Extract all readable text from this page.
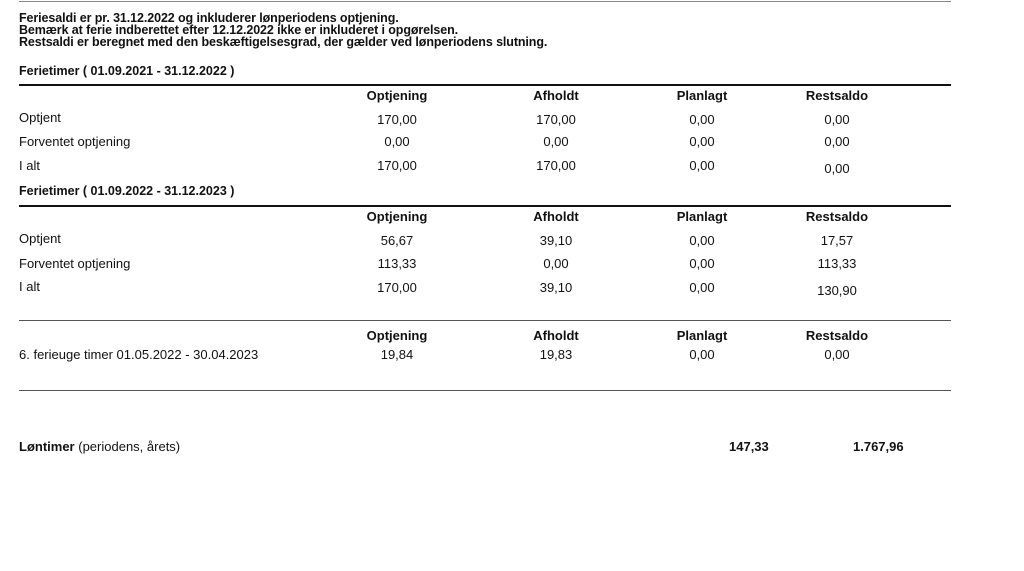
Feriesaldi er pr. 31.12.2022 og inkluderer lønperiodens optjening.
Bemærk at ferie indberettet efter 12.12.2022 ikke er inkluderet i opgørelsen.
Restsaldi er beregnet med den beskæftigelsesgrad, der gælder ved lønperiodens slutning.
Ferietimer ( 01.09.2021 - 31.12.2022 )
Optjening	Afholdt	Planlagt	Restsaldo
Optjent	170,00	170,00	0,00	0,00
Forventet optjening	0,00	0,00	0,00	0,00
I alt	170,00	170,00	0,00	0,00
Ferietimer ( 01.09.2022 - 31.12.2023 )
Optjening	Afholdt	Planlagt	Restsaldo
Optjent	56,67	39,10	0,00	17,57
Forventet optjening	113,33	0,00	0,00	113,33
I alt	170,00	39,10	0,00	130,90
Optjening	Afholdt	Planlagt	Restsaldo
6. ferieuge timer 01.05.2022 - 30.04.2023	19,84	19,83	0,00	0,00
Løntimer (periodens, årets)	147,33	1.767,96
